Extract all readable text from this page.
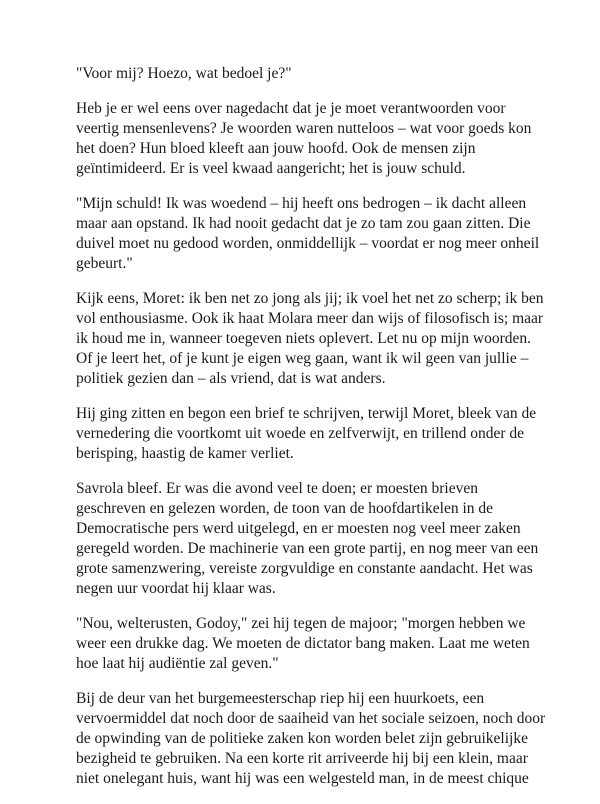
"Voor mij? Hoezo, wat bedoel je?"

Heb je er wel eens over nagedacht dat je je moet verantwoorden voor
veertig mensenlevens? Je woorden waren nutteloos – wat voor goeds kon
het doen? Hun bloed kleeft aan jouw hoofd. Ook de mensen zijn
geïntimideerd. Er is veel kwaad aangericht; het is jouw schuld.

"Mijn schuld! Ik was woedend – hij heeft ons bedrogen – ik dacht alleen
maar aan opstand. Ik had nooit gedacht dat je zo tam zou gaan zitten. Die
duivel moet nu gedood worden, onmiddellijk – voordat er nog meer onheil
gebeurt."

Kijk eens, Moret: ik ben net zo jong als jij; ik voel het net zo scherp; ik ben
vol enthousiasme. Ook ik haat Molara meer dan wijs of filosofisch is; maar
ik houd me in, wanneer toegeven niets oplevert. Let nu op mijn woorden.
Of je leert het, of je kunt je eigen weg gaan, want ik wil geen van jullie –
politiek gezien dan – als vriend, dat is wat anders.

Hij ging zitten en begon een brief te schrijven, terwijl Moret, bleek van de
vernedering die voortkomt uit woede en zelfverwijt, en trillend onder de
berisping, haastig de kamer verliet.

Savrola bleef. Er was die avond veel te doen; er moesten brieven
geschreven en gelezen worden, de toon van de hoofdartikelen in de
Democratische pers werd uitgelegd, en er moesten nog veel meer zaken
geregeld worden. De machinerie van een grote partij, en nog meer van een
grote samenzwering, vereiste zorgvuldige en constante aandacht. Het was
negen uur voordat hij klaar was.

"Nou, welterusten, Godoy," zei hij tegen de majoor; "morgen hebben we
weer een drukke dag. We moeten de dictator bang maken. Laat me weten
hoe laat hij audiëntie zal geven."

Bij de deur van het burgemeesterschap riep hij een huurkoets, een
vervoermiddel dat noch door de saaiheid van het sociale seizoen, noch door
de opwinding van de politieke zaken kon worden belet zijn gebruikelijke
bezigheid te gebruiken. Na een korte rit arriveerde hij bij een klein, maar
niet onelegant huis, want hij was een welgesteld man, in de meest chique
